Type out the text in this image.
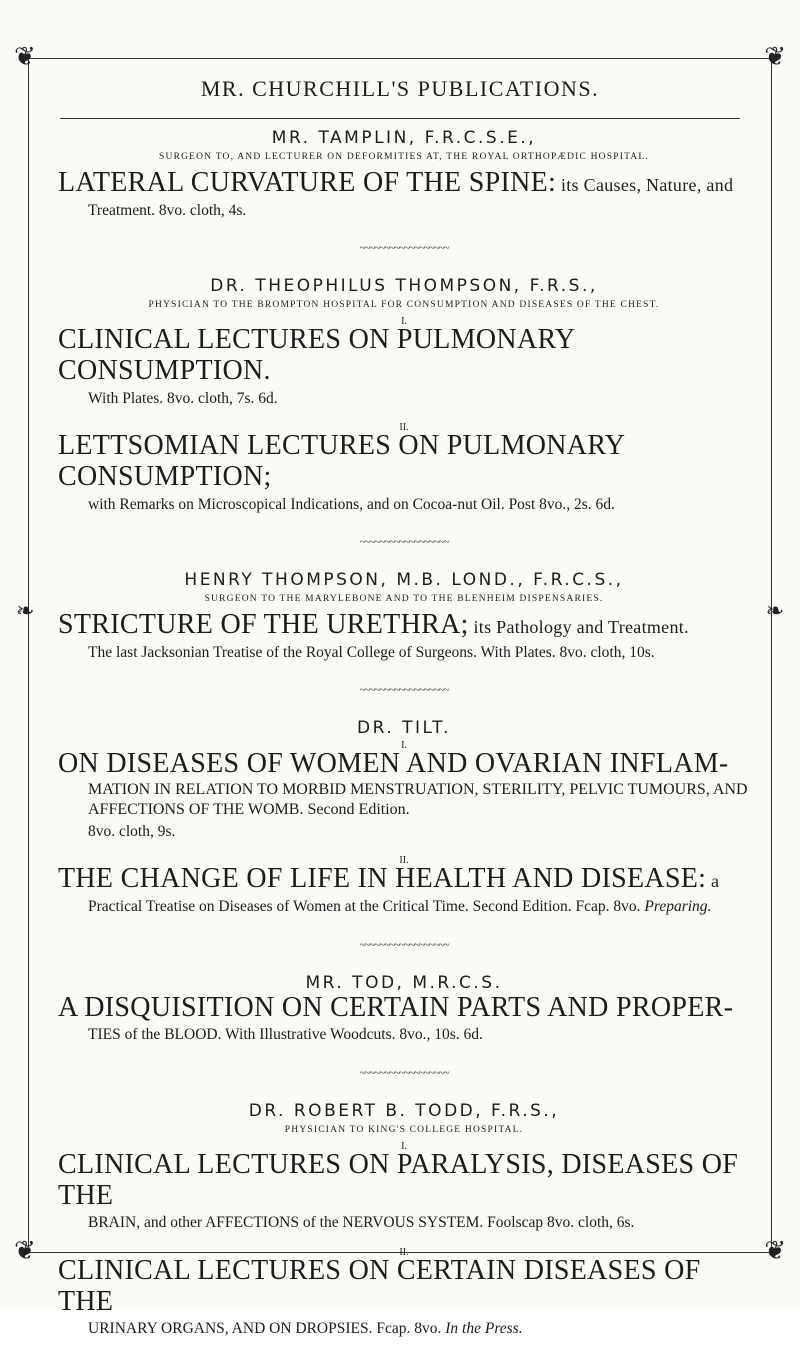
❦	❦
❦	❦
❧	❧
MR. CHURCHILL'S PUBLICATIONS.

MR. TAMPLIN, F.R.C.S.E.,

SURGEON TO, AND LECTURER ON DEFORMITIES AT, THE ROYAL ORTHOPÆDIC HOSPITAL.

LATERAL CURVATURE OF THE SPINE: its Causes, Nature, and

Treatment. 8vo. cloth, 4s.

~~~~~~~~~~~~~~~~~~

DR. THEOPHILUS THOMPSON, F.R.S.,

PHYSICIAN TO THE BROMPTON HOSPITAL FOR CONSUMPTION AND DISEASES OF THE CHEST.

I.

CLINICAL LECTURES ON PULMONARY CONSUMPTION.

With Plates. 8vo. cloth, 7s. 6d.

II.

LETTSOMIAN LECTURES ON PULMONARY CONSUMPTION;

with Remarks on Microscopical Indications, and on Cocoa-nut Oil. Post 8vo., 2s. 6d.

~~~~~~~~~~~~~~~~~~

HENRY THOMPSON, M.B. LOND., F.R.C.S.,

SURGEON TO THE MARYLEBONE AND TO THE BLENHEIM DISPENSARIES.

STRICTURE OF THE URETHRA; its Pathology and Treatment.

The last Jacksonian Treatise of the Royal College of Surgeons. With Plates. 8vo. cloth, 10s.

~~~~~~~~~~~~~~~~~~

DR. TILT.

I.

ON DISEASES OF WOMEN AND OVARIAN INFLAM-

MATION IN RELATION TO MORBID MENSTRUATION, STERILITY, PELVIC TUMOURS, AND AFFECTIONS OF THE WOMB. Second Edition.

8vo. cloth, 9s.

II.

THE CHANGE OF LIFE IN HEALTH AND DISEASE: a

Practical Treatise on Diseases of Women at the Critical Time. Second Edition. Fcap. 8vo. Preparing.

~~~~~~~~~~~~~~~~~~

MR. TOD, M.R.C.S.

A DISQUISITION ON CERTAIN PARTS AND PROPER-

TIES of the BLOOD. With Illustrative Woodcuts. 8vo., 10s. 6d.

~~~~~~~~~~~~~~~~~~

DR. ROBERT B. TODD, F.R.S.,

PHYSICIAN TO KING'S COLLEGE HOSPITAL.

I.

CLINICAL LECTURES ON PARALYSIS, DISEASES OF THE

BRAIN, and other AFFECTIONS of the NERVOUS SYSTEM. Foolscap 8vo. cloth, 6s.

II.

CLINICAL LECTURES ON CERTAIN DISEASES OF THE

URINARY ORGANS, AND ON DROPSIES. Fcap. 8vo. In the Press.
